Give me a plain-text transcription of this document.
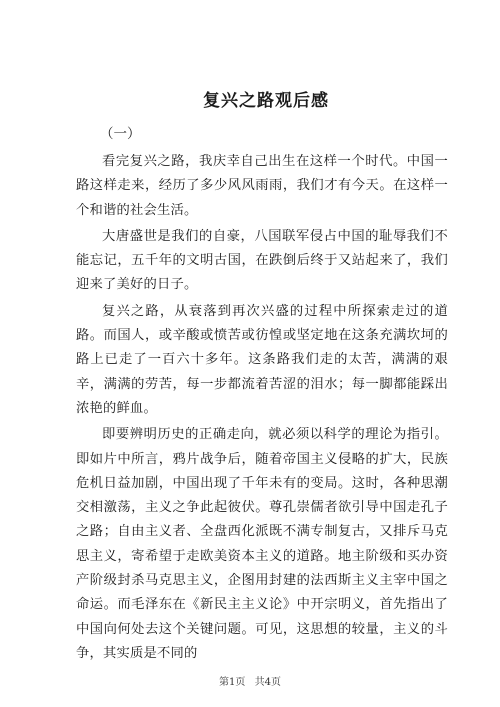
复兴之路观后感
（一）

看完复兴之路，我庆幸自己出生在这样一个时代。中国一路这样走来，经历了多少风风雨雨，我们才有今天。在这样一个和谐的社会生活。

大唐盛世是我们的自豪，八国联军侵占中国的耻辱我们不能忘记，五千年的文明古国，在跌倒后终于又站起来了，我们迎来了美好的日子。

复兴之路，从衰落到再次兴盛的过程中所探索走过的道路。而国人，或辛酸或愤苦或彷惶或坚定地在这条充满坎坷的路上已走了一百六十多年。这条路我们走的太苦，满满的艰辛，满满的劳苦，每一步都流着苦涩的泪水；每一脚都能踩出浓艳的鲜血。

即要辨明历史的正确走向，就必须以科学的理论为指引。即如片中所言，鸦片战争后，随着帝国主义侵略的扩大，民族危机日益加剧，中国出现了千年未有的变局。这时，各种思潮交相激荡，主义之争此起彼伏。尊孔崇儒者欲引导中国走孔子之路；自由主义者、全盘西化派既不满专制复古，又排斥马克思主义，寄希望于走欧美资本主义的道路。地主阶级和买办资产阶级封杀马克思主义，企图用封建的法西斯主义主宰中国之命运。而毛泽东在《新民主主义论》中开宗明义，首先指出了中国向何处去这个关键问题。可见，这思想的较量，主义的斗争，其实质是不同的

第1页 共4页
